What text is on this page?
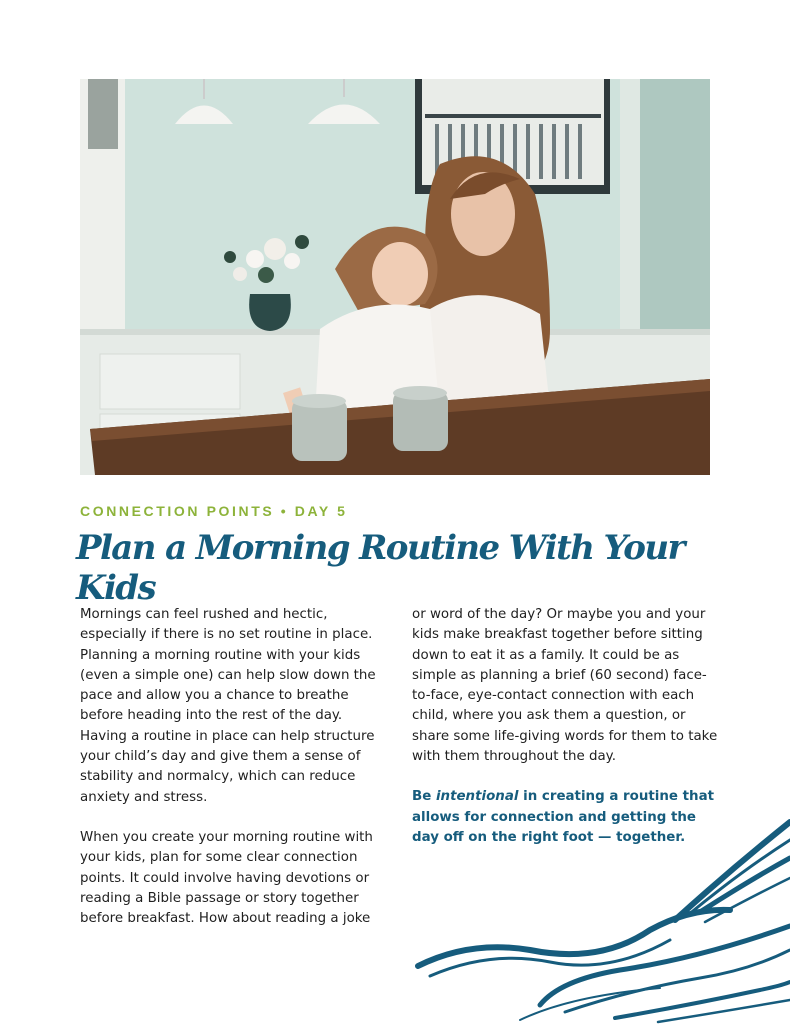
CONNECTION POINTS • DAY 5
Plan a Morning Routine With Your Kids

Mornings can feel rushed and hectic, especially if there is no set routine in place. Planning a morning routine with your kids (even a simple one) can help slow down the pace and allow you a chance to breathe before heading into the rest of the day. Having a routine in place can help structure your child’s day and give them a sense of stability and normalcy, which can reduce anxiety and stress.

When you create your morning routine with your kids, plan for some clear connection points. It could involve having devotions or reading a Bible passage or story together before breakfast. How about reading a joke

or word of the day? Or maybe you and your kids make breakfast together before sitting down to eat it as a family. It could be as simple as planning a brief (60 second) face-to-face, eye-contact connection with each child, where you ask them a question, or share some life-giving words for them to take with them throughout the day.

Be intentional in creating a routine that allows for connection and getting the day off on the right foot — together.
